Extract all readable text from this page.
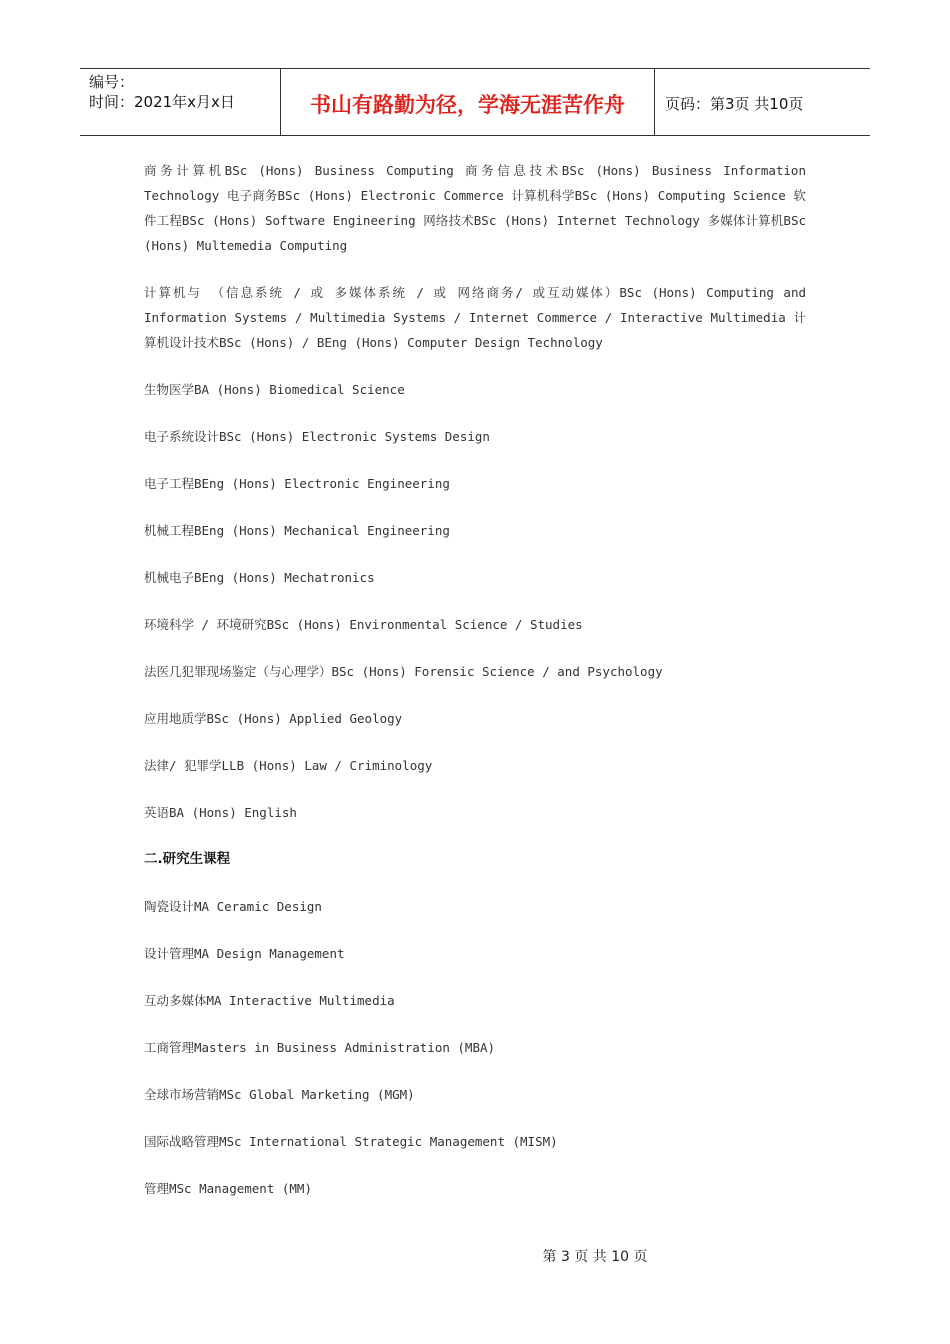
编号：
时间：2021年x月x日	书山有路勤为径，学海无涯苦作舟	页码：第3页 共10页

商务计算机BSc (Hons) Business Computing 商务信息技术BSc (Hons) Business Information Technology 电子商务BSc (Hons) Electronic Commerce 计算机科学BSc (Hons) Computing Science 软件工程BSc (Hons) Software Engineering 网络技术BSc (Hons) Internet Technology 多媒体计算机BSc (Hons) Multemedia Computing

计算机与 （信息系统 / 或 多媒体系统 / 或 网络商务/ 或互动媒体）BSc (Hons) Computing and Information Systems / Multimedia Systems / Internet Commerce / Interactive Multimedia 计算机设计技术BSc (Hons) / BEng (Hons) Computer Design Technology

生物医学BA (Hons) Biomedical Science

电子系统设计BSc (Hons) Electronic Systems Design

电子工程BEng (Hons) Electronic Engineering

机械工程BEng (Hons) Mechanical Engineering

机械电子BEng (Hons) Mechatronics

环境科学 / 环境研究BSc (Hons) Environmental Science / Studies

法医几犯罪现场鉴定（与心理学）BSc (Hons) Forensic Science / and Psychology

应用地质学BSc (Hons) Applied Geology

法律/ 犯罪学LLB (Hons) Law / Criminology

英语BA (Hons) English

二.研究生课程

陶瓷设计MA Ceramic Design

设计管理MA Design Management

互动多媒体MA Interactive Multimedia

工商管理Masters in Business Administration (MBA)

全球市场营销MSc Global Marketing (MGM)

国际战略管理MSc International Strategic Management (MISM)

管理MSc Management (MM)

第 3 页 共 10 页
